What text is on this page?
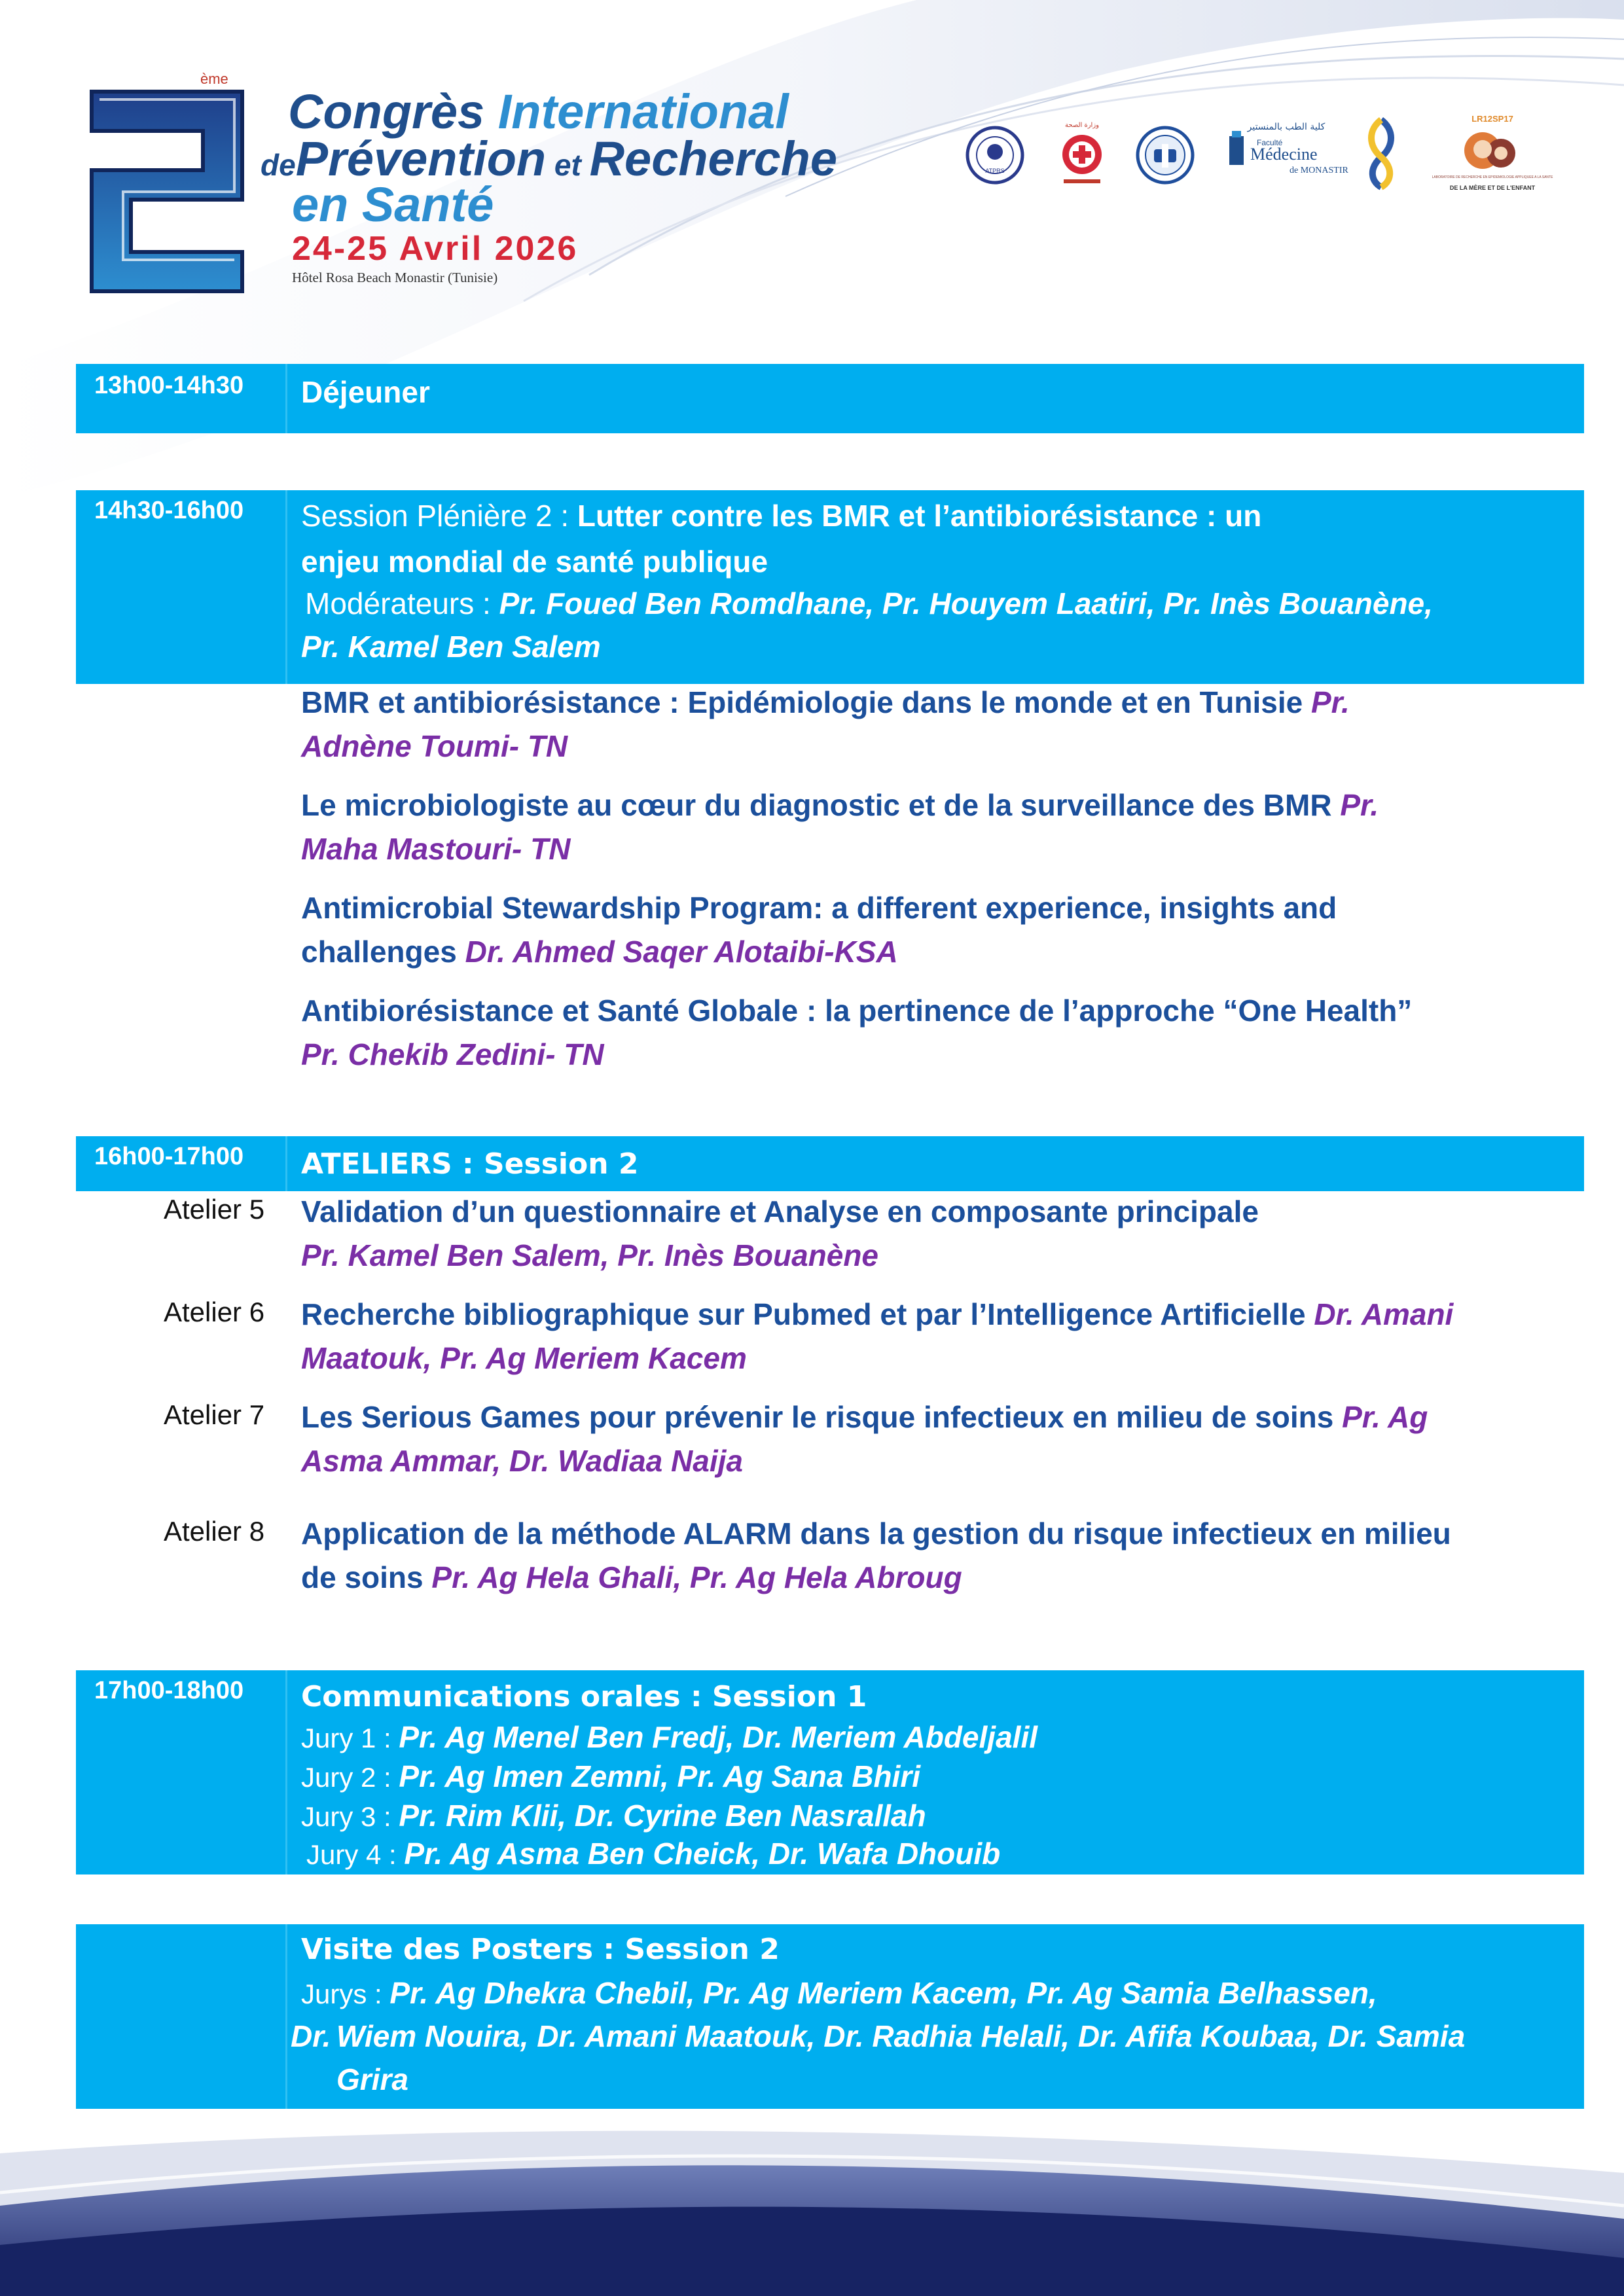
ème
Congrès International
dePrévention et Recherche
en Santé
24-25 Avril 2026
Hôtel Rosa Beach Monastir (Tunisie)
ATPRS
وزارة الصحة	كلية الطب بالمنستير
Faculté
Médecine
de MONASTIR
LR12SP17
LABORATOIRE DE RECHERCHE EN EPIDEMIOLOGIE APPLIQUEE A LA SANTE
DE LA MÈRE ET DE L'ENFANT
13h00-14h30 Déjeuner
14h30-16h00 Session Plénière 2 : Lutter contre les BMR et l’antibiorésistance : un
enjeu mondial de santé publique
Modérateurs : Pr. Foued Ben Romdhane, Pr. Houyem Laatiri, Pr. Inès Bouanène,
Pr. Kamel Ben Salem
BMR et antibiorésistance : Epidémiologie dans le monde et en Tunisie Pr.
Adnène Toumi- TN
Le microbiologiste au cœur du diagnostic et de la surveillance des BMR Pr.
Maha Mastouri- TN
Antimicrobial Stewardship Program: a different experience, insights and
challenges Dr. Ahmed Saqer Alotaibi-KSA
Antibiorésistance et Santé Globale : la pertinence de l’approche “One Health”
Pr. Chekib Zedini- TN
16h00-17h00 ATELIERS : Session 2
Atelier 5 Validation d’un questionnaire et Analyse en composante principale
Pr. Kamel Ben Salem, Pr. Inès Bouanène
Atelier 6 Recherche bibliographique sur Pubmed et par l’Intelligence Artificielle Dr. Amani
Maatouk, Pr. Ag Meriem Kacem
Atelier 7 Les Serious Games pour prévenir le risque infectieux en milieu de soins Pr. Ag
Asma Ammar, Dr. Wadiaa Naija
Atelier 8 Application de la méthode ALARM dans la gestion du risque infectieux en milieu
de soins Pr. Ag Hela Ghali, Pr. Ag Hela Abroug
17h00-18h00 Communications orales : Session 1
Jury 1 : Pr. Ag Menel Ben Fredj, Dr. Meriem Abdeljalil
Jury 2 : Pr. Ag Imen Zemni, Pr. Ag Sana Bhiri
Jury 3 : Pr. Rim Klii, Dr. Cyrine Ben Nasrallah
Jury 4 : Pr. Ag Asma Ben Cheick, Dr. Wafa Dhouib
Visite des Posters : Session 2
Jurys : Pr. Ag Dhekra Chebil, Pr. Ag Meriem Kacem, Pr. Ag Samia Belhassen,
Dr. Wiem Nouira, Dr. Amani Maatouk, Dr. Radhia Helali, Dr. Afifa Koubaa, Dr. Samia
Grira
